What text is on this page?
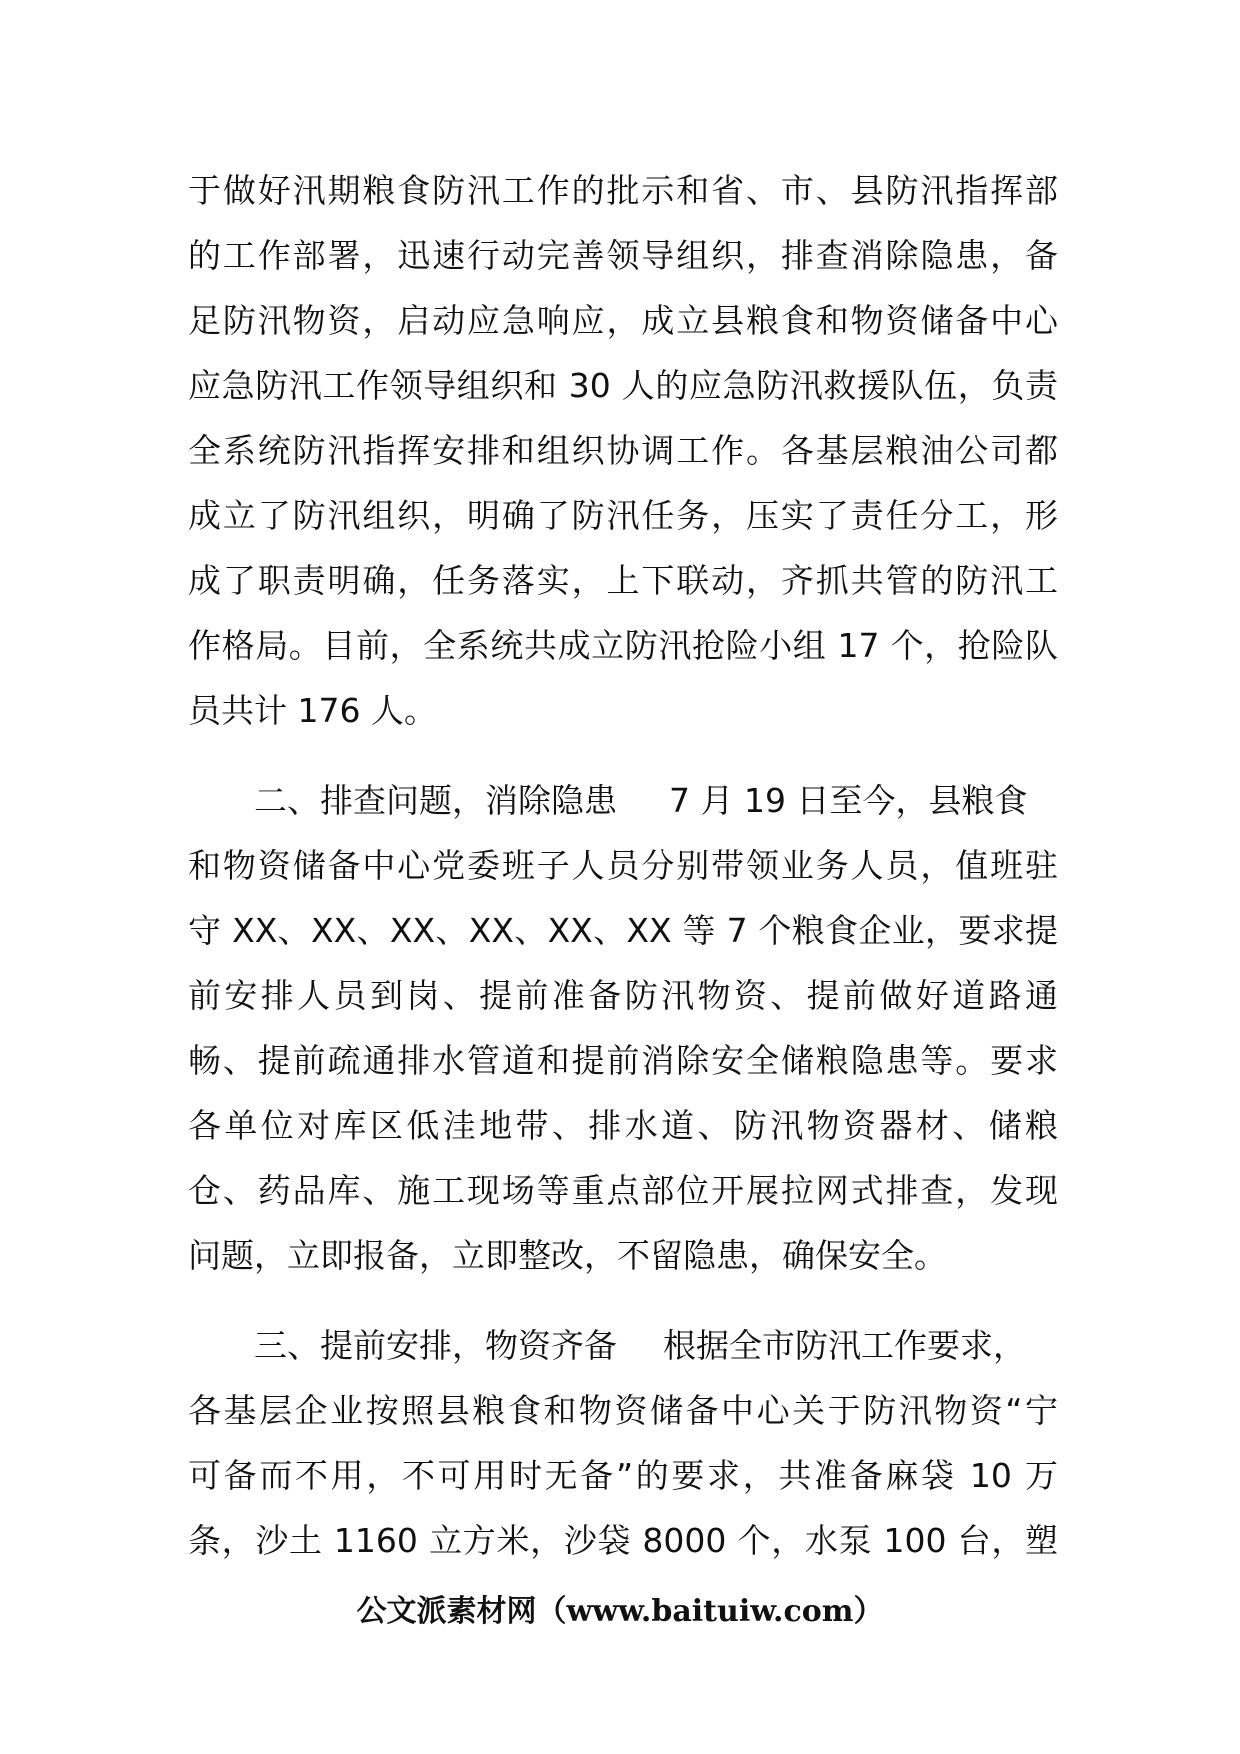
于做好汛期粮食防汛工作的批示和省、市、县防汛指挥部
的工作部署，迅速行动完善领导组织，排查消除隐患，备
足防汛物资，启动应急响应，成立县粮食和物资储备中心
应急防汛工作领导组织和 30 人的应急防汛救援队伍，负责
全系统防汛指挥安排和组织协调工作。各基层粮油公司都
成立了防汛组织，明确了防汛任务，压实了责任分工，形
成了职责明确，任务落实，上下联动，齐抓共管的防汛工
作格局。目前，全系统共成立防汛抢险小组 17 个，抢险队
员共计 176 人。
二、排查问题，消除隐患 7 月 19 日至今，县粮食
和物资储备中心党委班子人员分别带领业务人员，值班驻
守 XX、XX、XX、XX、XX、XX 等 7 个粮食企业，要求提
前安排人员到岗、提前准备防汛物资、提前做好道路通
畅、提前疏通排水管道和提前消除安全储粮隐患等。要求
各单位对库区低洼地带、排水道、防汛物资器材、储粮
仓、药品库、施工现场等重点部位开展拉网式排查，发现
问题，立即报备，立即整改，不留隐患，确保安全。
三、提前安排，物资齐备 根据全市防汛工作要求，
各基层企业按照县粮食和物资储备中心关于防汛物资“宁
可备而不用，不可用时无备”的要求，共准备麻袋 10 万
条，沙土 1160 立方米，沙袋 8000 个，水泵 100 台，塑
公文派素材网（www.baituiw.com）
